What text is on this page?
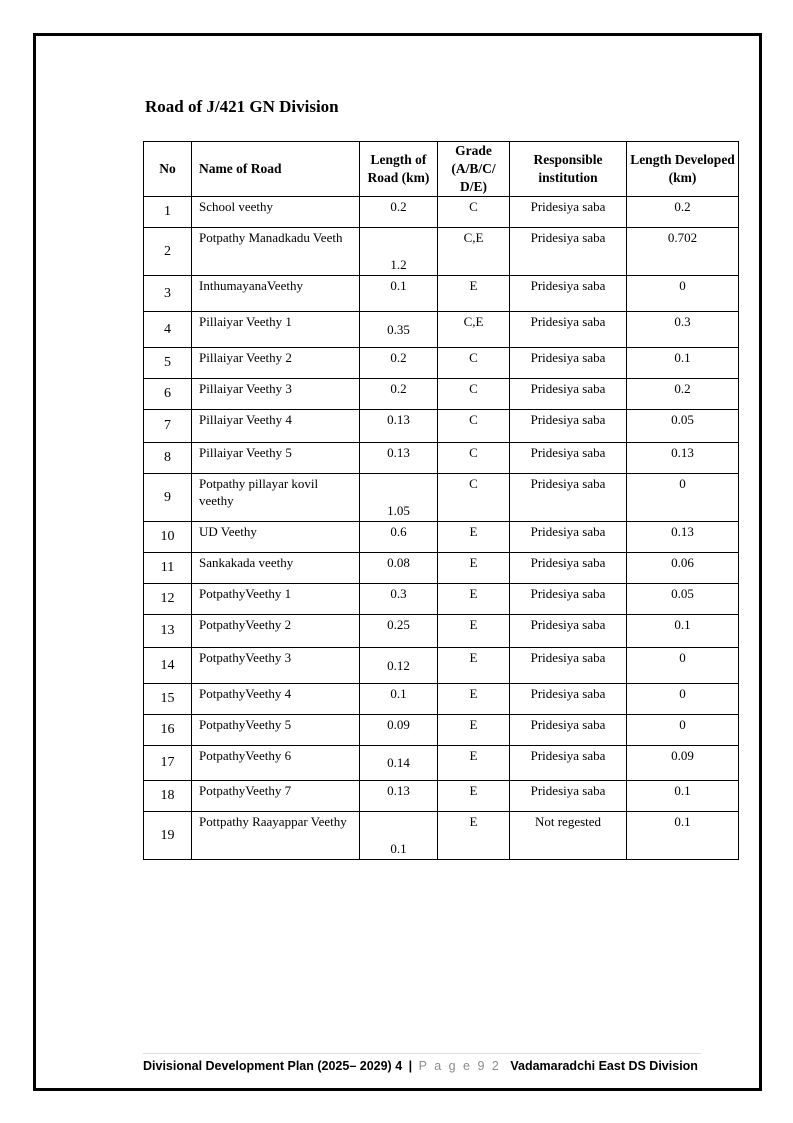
Road of J/421 GN Division
No	Name of Road	Length of Road (km)	Grade (A/B/C/ D/E)	Responsible institution	Length Developed (km)
1	School veethy	0.2	C	Pridesiya saba	0.2
2	Potpathy Manadkadu Veeth	1.2	C,E	Pridesiya saba	0.702
3	InthumayanaVeethy	0.1	E	Pridesiya saba	0
4	Pillaiyar Veethy 1	0.35	C,E	Pridesiya saba	0.3
5	Pillaiyar Veethy 2	0.2	C	Pridesiya saba	0.1
6	Pillaiyar Veethy 3	0.2	C	Pridesiya saba	0.2
7	Pillaiyar Veethy 4	0.13	C	Pridesiya saba	0.05
8	Pillaiyar Veethy 5	0.13	C	Pridesiya saba	0.13
9	Potpathy pillayar kovil veethy	1.05	C	Pridesiya saba	0
10	UD Veethy	0.6	E	Pridesiya saba	0.13
11	Sankakada veethy	0.08	E	Pridesiya saba	0.06
12	PotpathyVeethy 1	0.3	E	Pridesiya saba	0.05
13	PotpathyVeethy 2	0.25	E	Pridesiya saba	0.1
14	PotpathyVeethy 3	0.12	E	Pridesiya saba	0
15	PotpathyVeethy 4	0.1	E	Pridesiya saba	0
16	PotpathyVeethy 5	0.09	E	Pridesiya saba	0
17	PotpathyVeethy 6	0.14	E	Pridesiya saba	0.09
18	PotpathyVeethy 7	0.13	E	Pridesiya saba	0.1
19	Pottpathy Raayappar Veethy	0.1	E	Not regested	0.1
Divisional Development Plan (2025– 2029) 4 | P a g e 9 2 Vadamaradchi East DS Division
